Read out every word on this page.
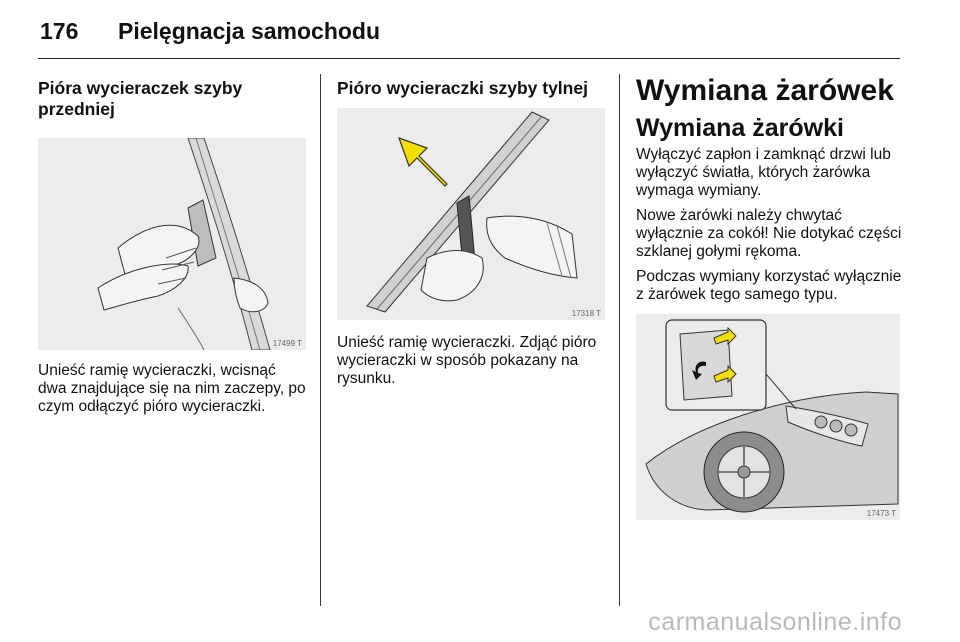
176 Pielęgnacja samochodu
Pióra wycieraczek szyby przedniej
17499 T

Unieść ramię wycieraczki, wcisnąć dwa znajdujące się na nim zaczepy, po czym odłączyć pióro wycieraczki.

Pióro wycieraczki szyby tylnej
17318 T

Unieść ramię wycieraczki. Zdjąć pióro wycieraczki w sposób pokazany na rysunku.

Wymiana żarówek
Wymiana żarówki

Wyłączyć zapłon i zamknąć drzwi lub wyłączyć światła, których żarówka wymaga wymiany.

Nowe żarówki należy chwytać wyłącznie za cokół! Nie dotykać części szklanej gołymi rękoma.

Podczas wymiany korzystać wyłącznie z żarówek tego samego typu.

17473 T
carmanualsonline.info
